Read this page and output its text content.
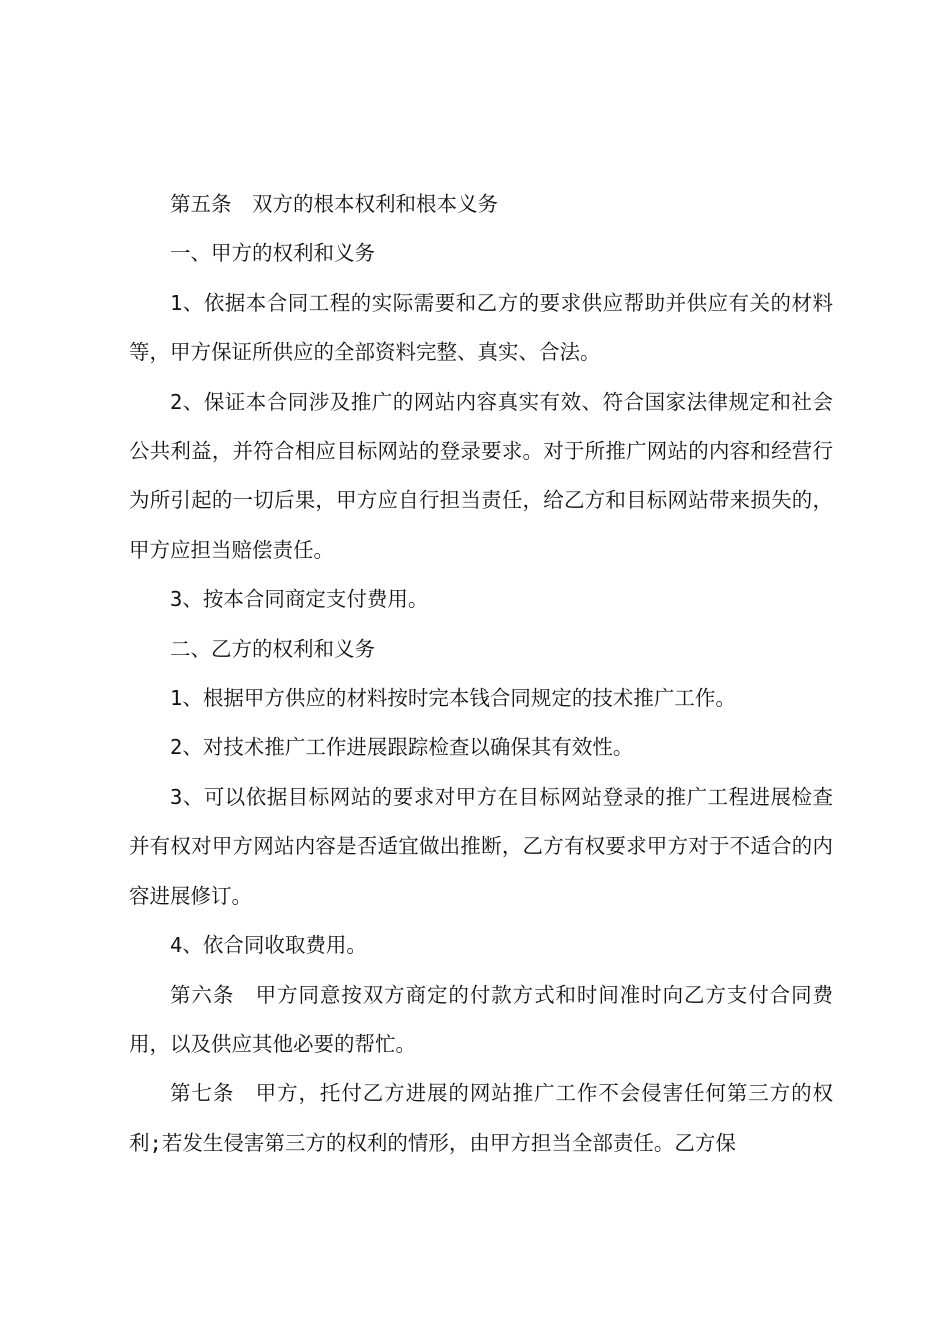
第五条　双方的根本权利和根本义务

一、甲方的权利和义务

1、依据本合同工程的实际需要和乙方的要求供应帮助并供应有关的材料等，甲方保证所供应的全部资料完整、真实、合法。

2、保证本合同涉及推广的网站内容真实有效、符合国家法律规定和社会公共利益，并符合相应目标网站的登录要求。对于所推广网站的内容和经营行为所引起的一切后果，甲方应自行担当责任，给乙方和目标网站带来损失的，甲方应担当赔偿责任。

3、按本合同商定支付费用。

二、乙方的权利和义务

1、根据甲方供应的材料按时完本钱合同规定的技术推广工作。

2、对技术推广工作进展跟踪检查以确保其有效性。

3、可以依据目标网站的要求对甲方在目标网站登录的推广工程进展检查并有权对甲方网站内容是否适宜做出推断，乙方有权要求甲方对于不适合的内容进展修订。

4、依合同收取费用。

第六条　甲方同意按双方商定的付款方式和时间准时向乙方支付合同费用，以及供应其他必要的帮忙。

第七条　甲方，托付乙方进展的网站推广工作不会侵害任何第三方的权利;若发生侵害第三方的权利的情形，由甲方担当全部责任。乙方保
